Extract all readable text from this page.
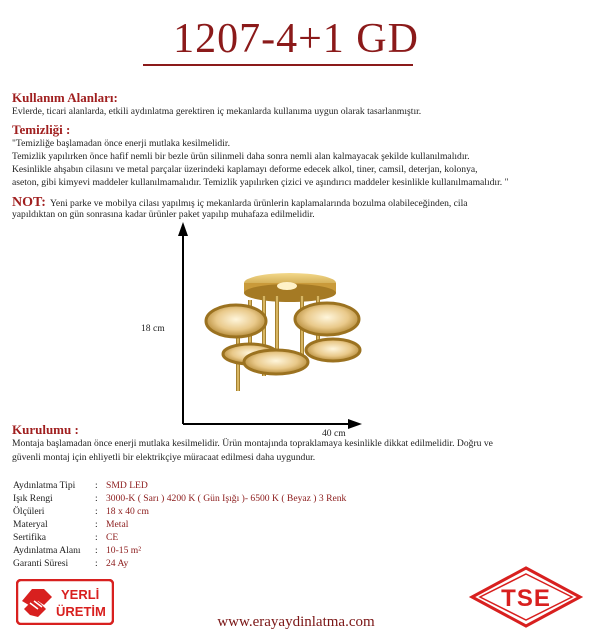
1207-4+1 GD
Kullanım Alanları:
Evlerde, ticari alanlarda, etkili aydınlatma gerektiren iç mekanlarda kullanıma uygun olarak tasarlanmıştır.
Temizliği :
"Temizliğe başlamadan önce enerji mutlaka kesilmelidir.
Temizlik yapılırken önce hafif nemli bir bezle ürün silinmeli daha sonra nemli alan kalmayacak şekilde kullanılmalıdır.
Kesinlikle ahşabın cilasını ve metal parçalar üzerindeki kaplamayı deforme edecek alkol, tiner, camsil, deterjan, kolonya,
aseton, gibi kimyevi maddeler kullanılmamalıdır. Temizlik yapılırken çizici ve aşındırıcı maddeler kesinlikle kullanılmamalıdır. "
NOT: Yeni parke ve mobilya cilası yapılmış iç mekanlarda ürünlerin kaplamalarında bozulma olabileceğinden, cila
yapıldıktan on gün sonrasına kadar ürünler paket yapılıp muhafaza edilmelidir.
18 cm
40 cm
Kurulumu :
Montaja başlamadan önce enerji mutlaka kesilmelidir. Ürün montajında topraklamaya kesinlikle dikkat edilmelidir. Doğru ve
güvenli montaj için ehliyetli bir elektrikçiye müracaat edilmesi daha uygundur.
Aydınlatma Tipi	: SMD LED
Işık Rengi	: 3000-K ( Sarı ) 4200 K ( Gün Işığı )- 6500 K ( Beyaz ) 3 Renk
Ölçüleri	: 18 x 40 cm
Materyal	: Metal
Sertifika	: CE
Aydınlatma Alanı	: 10-15 m²
Garanti Süresi	: 24 Ay
YERLİ
ÜRETİM	TSE
www.erayaydinlatma.com
